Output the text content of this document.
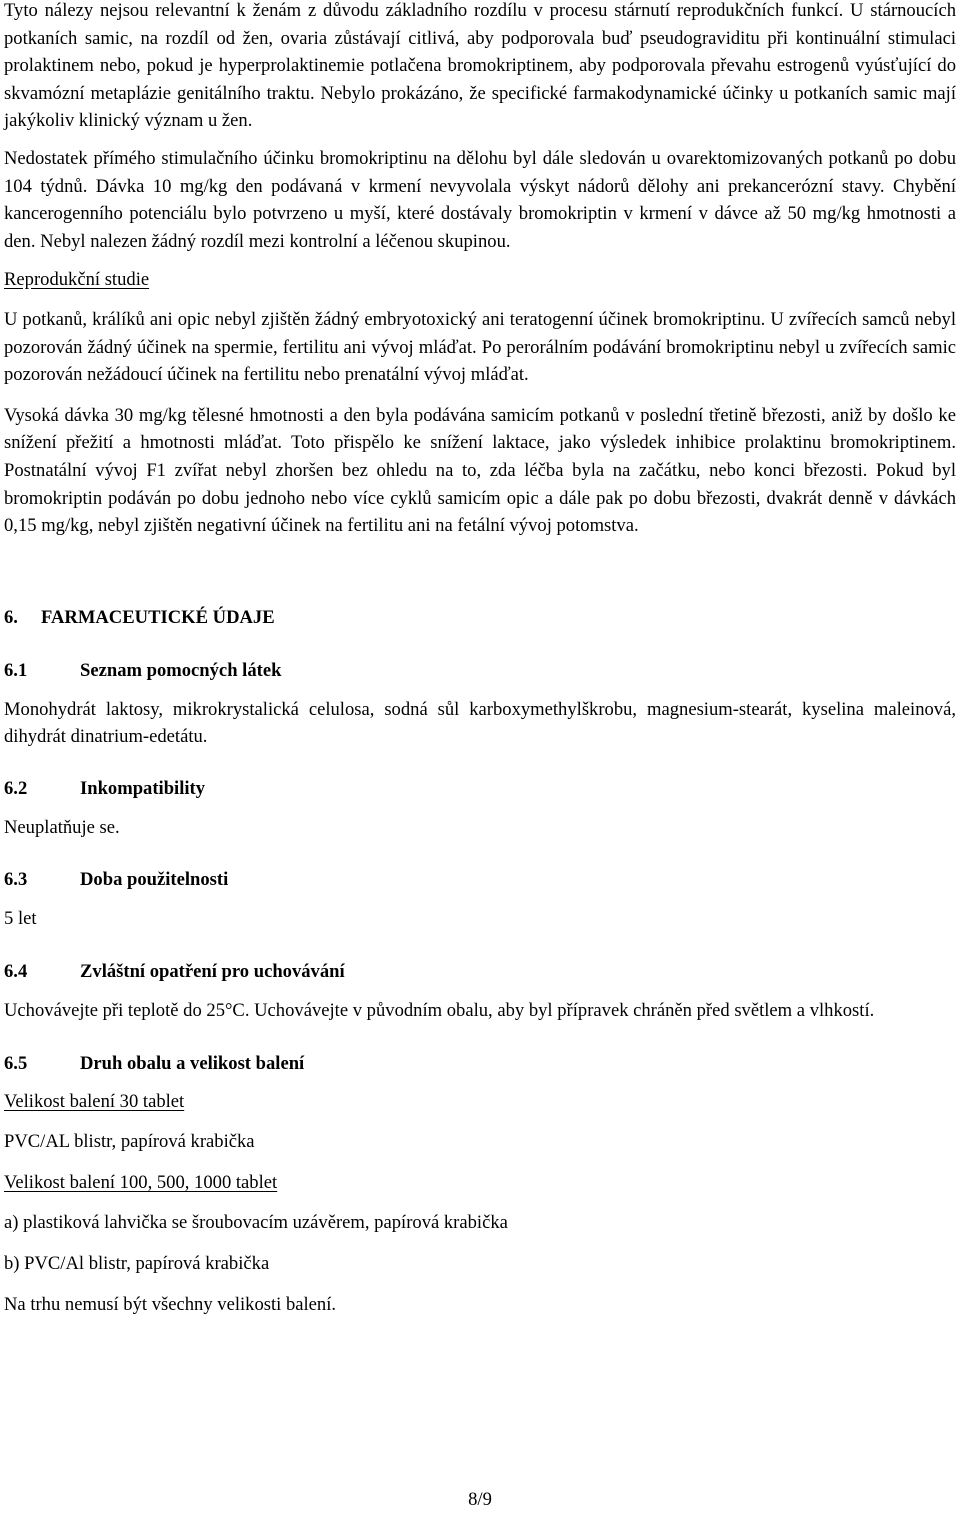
Tyto nálezy nejsou relevantní k ženám z důvodu základního rozdílu v procesu stárnutí reprodukčních funkcí. U stárnoucích potkaních samic, na rozdíl od žen, ovaria zůstávají citlivá, aby podporovala buď pseudograviditu při kontinuální stimulaci prolaktinem nebo, pokud je hyperprolaktinemie potlačena bromokriptinem, aby podporovala převahu estrogenů vyúsťující do skvamózní metaplázie genitálního traktu. Nebylo prokázáno, že specifické farmakodynamické účinky u potkaních samic mají jakýkoliv klinický význam u žen.

Nedostatek přímého stimulačního účinku bromokriptinu na dělohu byl dále sledován u ovarektomizovaných potkanů po dobu 104 týdnů. Dávka 10 mg/kg den podávaná v krmení nevyvolala výskyt nádorů dělohy ani prekancerózní stavy. Chybění kancerogenního potenciálu bylo potvrzeno u myší, které dostávaly bromokriptin v krmení v dávce až 50 mg/kg hmotnosti a den. Nebyl nalezen žádný rozdíl mezi kontrolní a léčenou skupinou.

Reprodukční studie

U potkanů, králíků ani opic nebyl zjištěn žádný embryotoxický ani teratogenní účinek bromokriptinu. U zvířecích samců nebyl pozorován žádný účinek na spermie, fertilitu ani vývoj mláďat. Po perorálním podávání bromokriptinu nebyl u zvířecích samic pozorován nežádoucí účinek na fertilitu nebo prenatální vývoj mláďat.

Vysoká dávka 30 mg/kg tělesné hmotnosti a den byla podávána samicím potkanů v poslední třetině březosti, aniž by došlo ke snížení přežití a hmotnosti mláďat. Toto přispělo ke snížení laktace, jako výsledek inhibice prolaktinu bromokriptinem. Postnatální vývoj F1 zvířat nebyl zhoršen bez ohledu na to, zda léčba byla na začátku, nebo konci březosti. Pokud byl bromokriptin podáván po dobu jednoho nebo více cyklů samicím opic a dále pak po dobu březosti, dvakrát denně v dávkách 0,15 mg/kg, nebyl zjištěn negativní účinek na fertilitu ani na fetální vývoj potomstva.

6. FARMACEUTICKÉ ÚDAJE
6.1	Seznam pomocných látek

Monohydrát laktosy, mikrokrystalická celulosa, sodná sůl karboxymethylškrobu, magnesium-stearát, kyselina maleinová, dihydrát dinatrium-edetátu.

6.2	Inkompatibility

Neuplatňuje se.

6.3	Doba použitelnosti

5 let

6.4	Zvláštní opatření pro uchovávání

Uchovávejte při teplotě do 25°C. Uchovávejte v původním obalu, aby byl přípravek chráněn před světlem a vlhkostí.

6.5	Druh obalu a velikost balení

Velikost balení 30 tablet

PVC/AL blistr, papírová krabička

Velikost balení 100, 500, 1000 tablet

a) plastiková lahvička se šroubovacím uzávěrem, papírová krabička

b) PVC/Al blistr, papírová krabička

Na trhu nemusí být všechny velikosti balení.

8/9
